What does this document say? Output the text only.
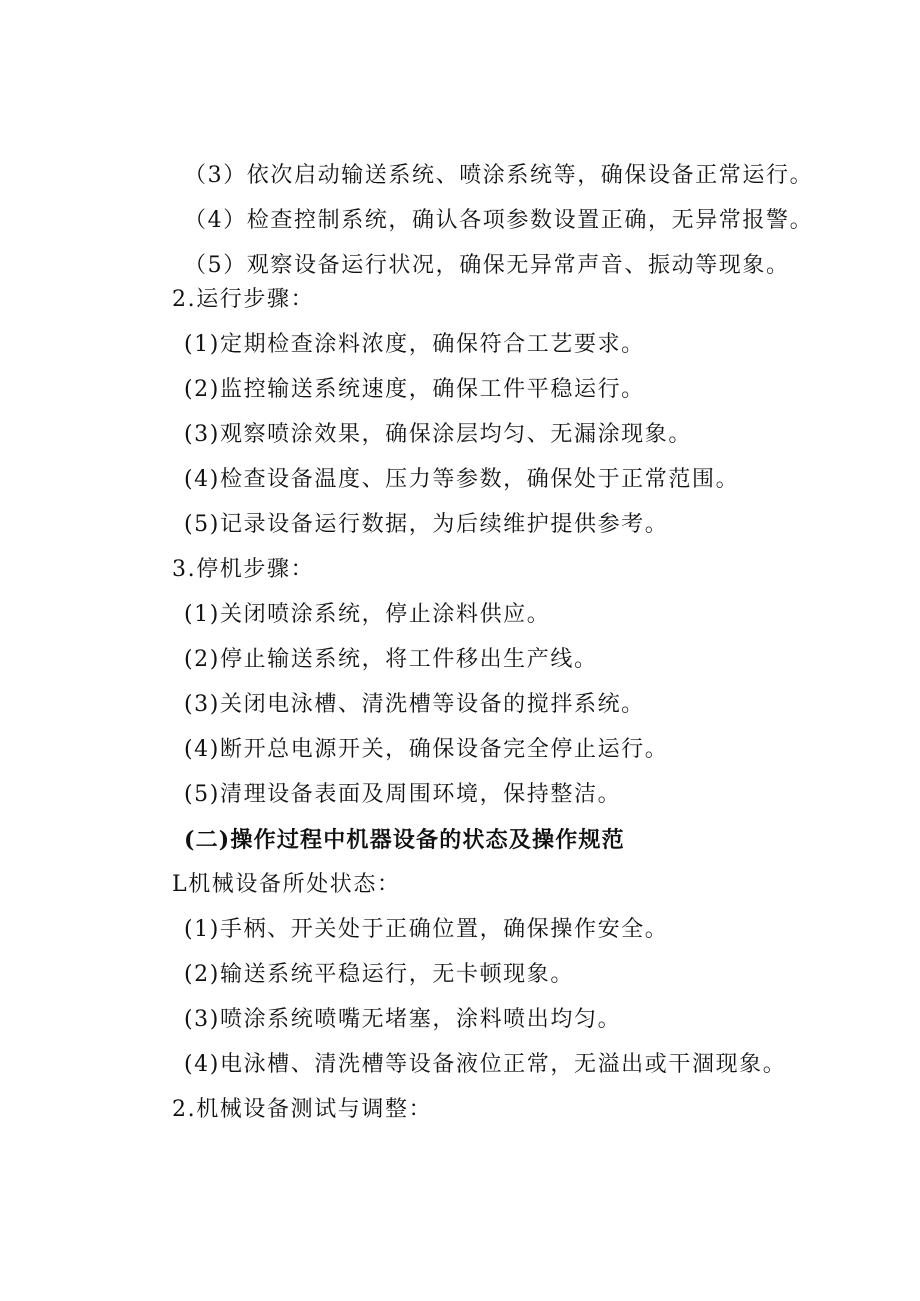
（3）依次启动输送系统、喷涂系统等，确保设备正常运行。
（4）检查控制系统，确认各项参数设置正确，无异常报警。
（5）观察设备运行状况，确保无异常声音、振动等现象。
2.运行步骤：
(1)定期检查涂料浓度，确保符合工艺要求。
(2)监控输送系统速度，确保工件平稳运行。
(3)观察喷涂效果，确保涂层均匀、无漏涂现象。
(4)检查设备温度、压力等参数，确保处于正常范围。
(5)记录设备运行数据，为后续维护提供参考。
3.停机步骤：
(1)关闭喷涂系统，停止涂料供应。
(2)停止输送系统，将工件移出生产线。
(3)关闭电泳槽、清洗槽等设备的搅拌系统。
(4)断开总电源开关，确保设备完全停止运行。
(5)清理设备表面及周围环境，保持整洁。
(二)操作过程中机器设备的状态及操作规范
L机械设备所处状态：
(1)手柄、开关处于正确位置，确保操作安全。
(2)输送系统平稳运行，无卡顿现象。
(3)喷涂系统喷嘴无堵塞，涂料喷出均匀。
(4)电泳槽、清洗槽等设备液位正常，无溢出或干涸现象。
2.机械设备测试与调整：
